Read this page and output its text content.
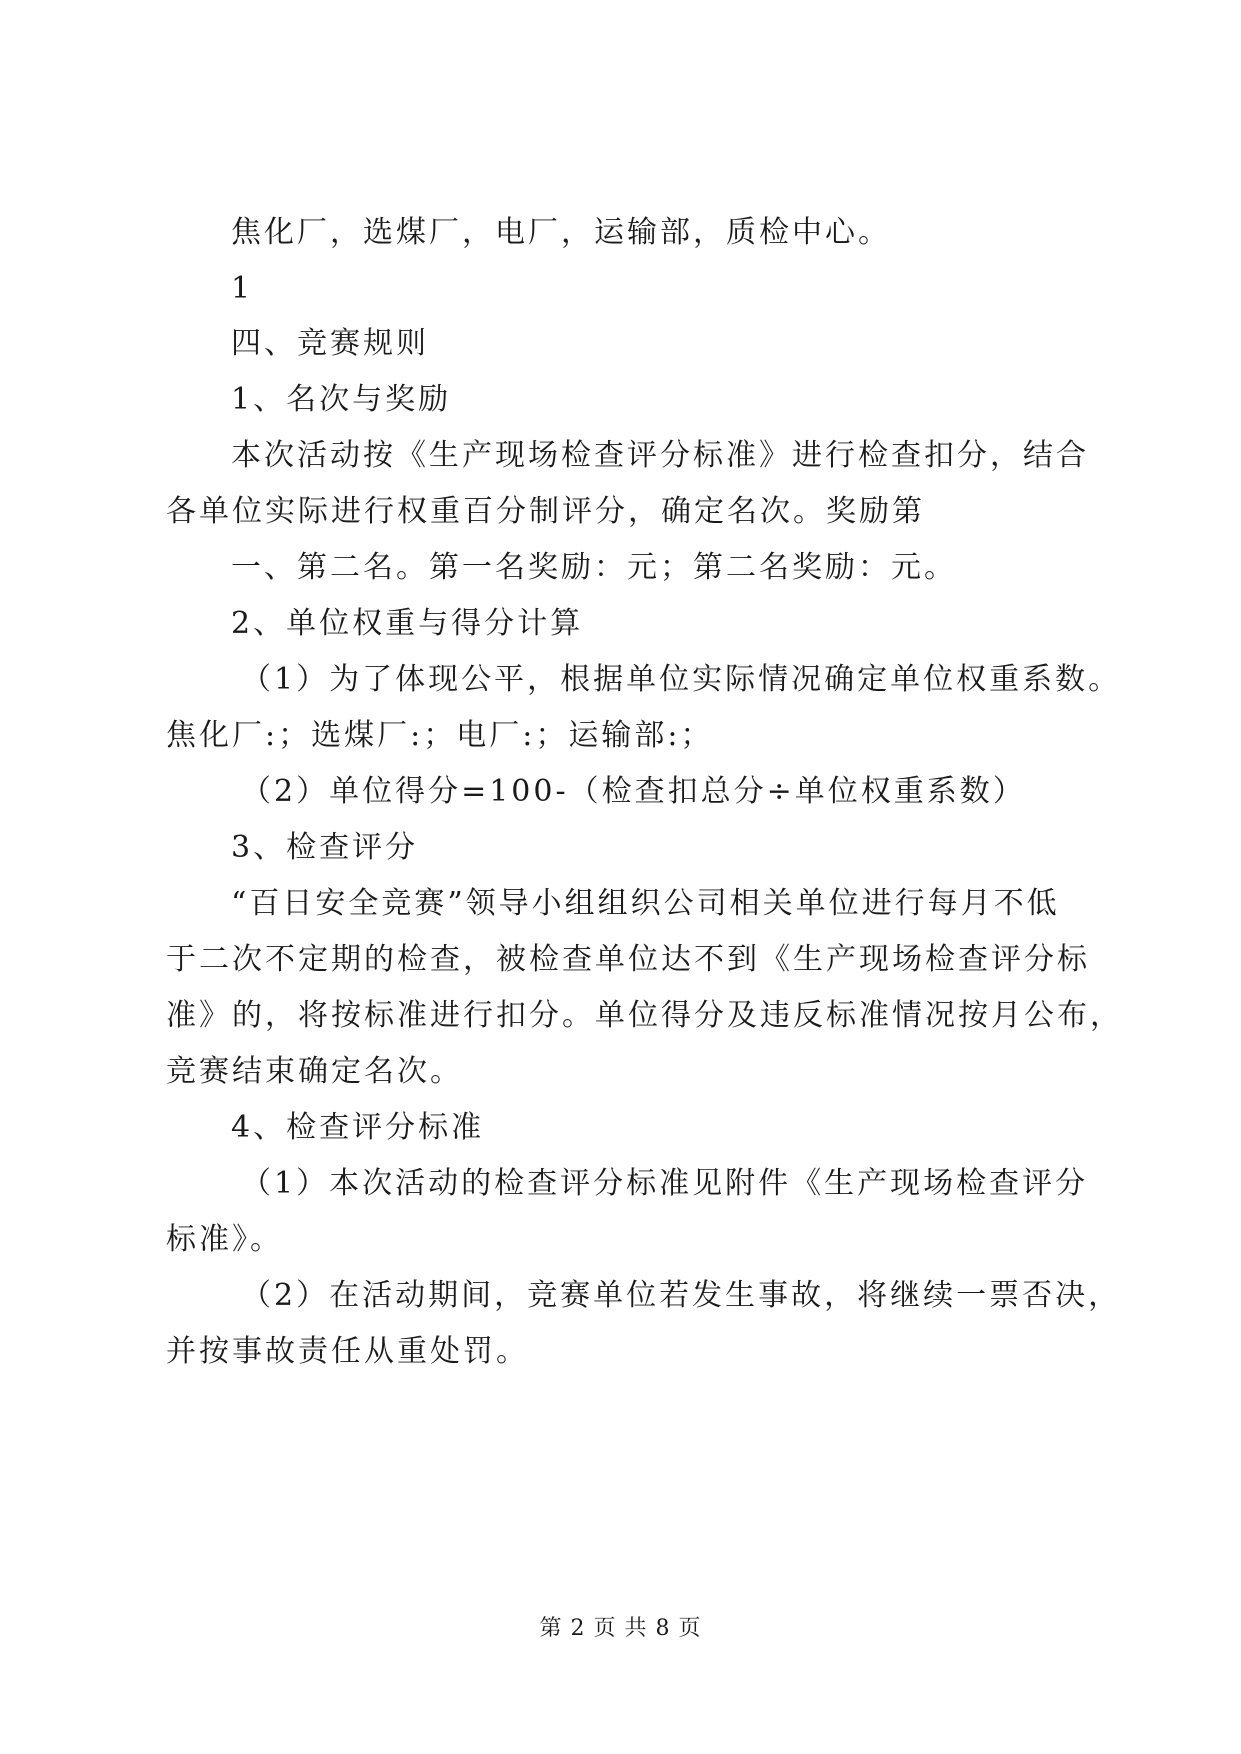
焦化厂，选煤厂，电厂，运输部，质检中心。
1
四、竞赛规则
1、名次与奖励
本次活动按《生产现场检查评分标准》进行检查扣分，结合
各单位实际进行权重百分制评分，确定名次。奖励第
一、第二名。第一名奖励：元；第二名奖励：元。
2、单位权重与得分计算
（1）为了体现公平，根据单位实际情况确定单位权重系数。
焦化厂:；选煤厂:；电厂:；运输部:；
（2）单位得分=100-（检查扣总分÷单位权重系数）
3、检查评分
“百日安全竞赛”领导小组组织公司相关单位进行每月不低
于二次不定期的检查，被检查单位达不到《生产现场检查评分标
准》的，将按标准进行扣分。单位得分及违反标准情况按月公布，
竞赛结束确定名次。
4、检查评分标准
（1）本次活动的检查评分标准见附件《生产现场检查评分
标准》。
（2）在活动期间，竞赛单位若发生事故，将继续一票否决，
并按事故责任从重处罚。
第 2 页 共 8 页
